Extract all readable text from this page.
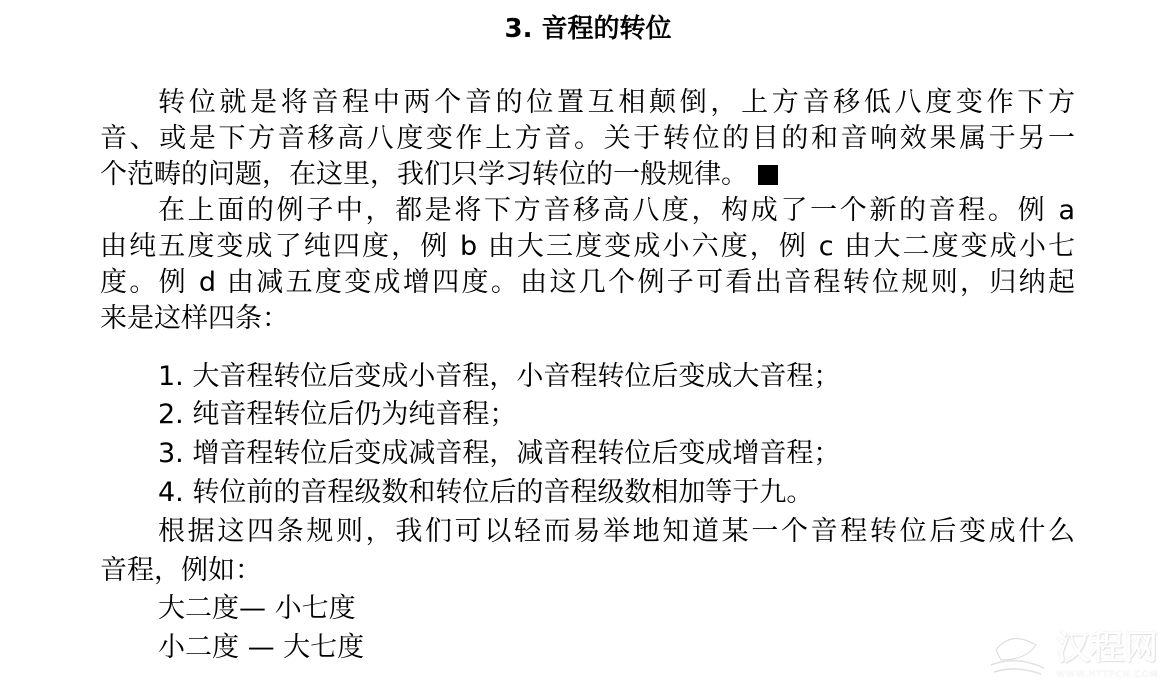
3. 音程的转位
转位就是将音程中两个音的位置互相颠倒，上方音移低八度变作下方
音、或是下方音移高八度变作上方音。关于转位的目的和音响效果属于另一
个范畴的问题，在这里，我们只学习转位的一般规律。
在上面的例子中，都是将下方音移高八度，构成了一个新的音程。例 a
由纯五度变成了纯四度，例 b 由大三度变成小六度，例 c 由大二度变成小七
度。例 d 由减五度变成增四度。由这几个例子可看出音程转位规则，归纳起
来是这样四条：
1. 大音程转位后变成小音程，小音程转位后变成大音程；
2. 纯音程转位后仍为纯音程；
3. 增音程转位后变成减音程，减音程转位后变成增音程；
4. 转位前的音程级数和转位后的音程级数相加等于九。
根据这四条规则，我们可以轻而易举地知道某一个音程转位后变成什么
音程，例如：
大二度— 小七度
小二度 — 大七度	汉程网
WWW.HTTPCN.COM
